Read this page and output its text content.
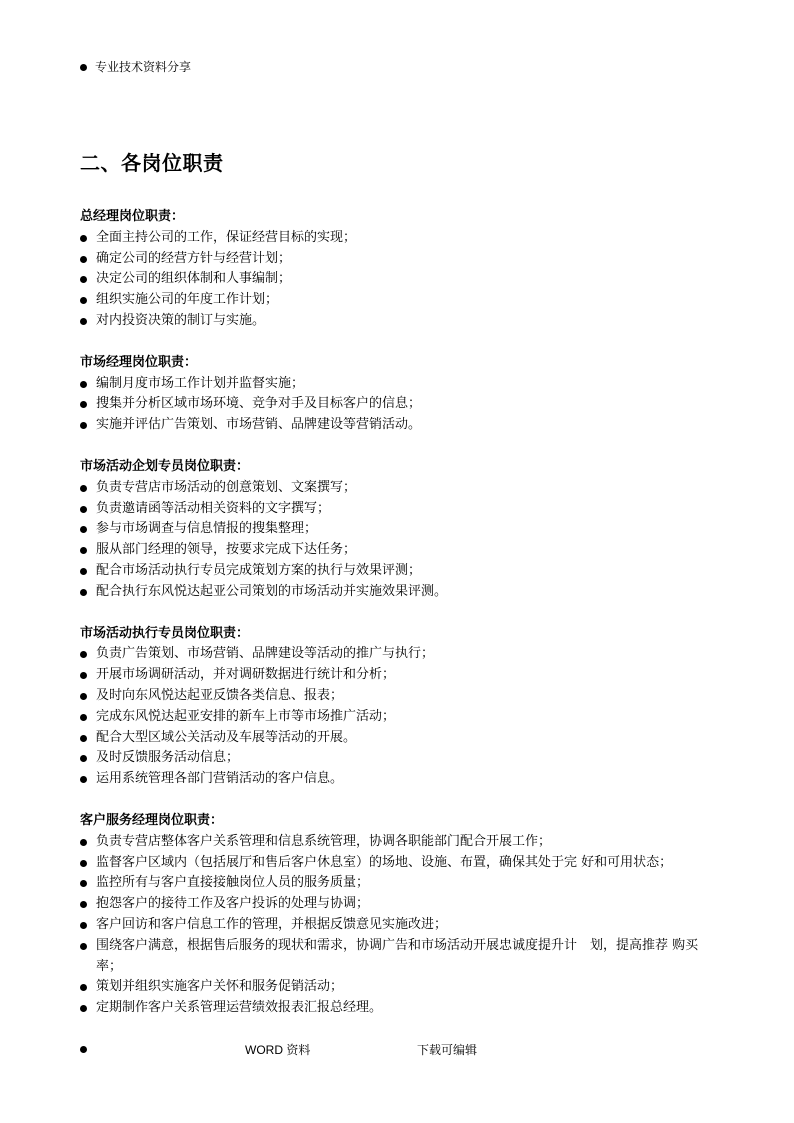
专业技术资料分享
二、各岗位职责
总经理岗位职责：
全面主持公司的工作，保证经营目标的实现；
确定公司的经营方针与经营计划；
决定公司的组织体制和人事编制；
组织实施公司的年度工作计划；
对内投资决策的制订与实施。
市场经理岗位职责：
编制月度市场工作计划并监督实施；
搜集并分析区域市场环境、竞争对手及目标客户的信息；
实施并评估广告策划、市场营销、品牌建设等营销活动。
市场活动企划专员岗位职责：
负责专营店市场活动的创意策划、文案撰写；
负责邀请函等活动相关资料的文字撰写；
参与市场调查与信息情报的搜集整理；
服从部门经理的领导，按要求完成下达任务；
配合市场活动执行专员完成策划方案的执行与效果评测；
配合执行东风悦达起亚公司策划的市场活动并实施效果评测。
市场活动执行专员岗位职责：
负责广告策划、市场营销、品牌建设等活动的推广与执行；
开展市场调研活动，并对调研数据进行统计和分析；
及时向东风悦达起亚反馈各类信息、报表；
完成东风悦达起亚安排的新车上市等市场推广活动；
配合大型区域公关活动及车展等活动的开展。
及时反馈服务活动信息；
运用系统管理各部门营销活动的客户信息。
客户服务经理岗位职责：
负责专营店整体客户关系管理和信息系统管理，协调各职能部门配合开展工作；
监督客户区域内（包括展厅和售后客户休息室）的场地、设施、布置，确保其处于完 好和可用状态；
监控所有与客户直接接触岗位人员的服务质量；
抱怨客户的接待工作及客户投诉的处理与协调；
客户回访和客户信息工作的管理，并根据反馈意见实施改进；
围绕客户满意，根据售后服务的现状和需求，协调广告和市场活动开展忠诚度提升计　划，提高推荐 购买率；
策划并组织实施客户关怀和服务促销活动；
定期制作客户关系管理运营绩效报表汇报总经理。
WORD 资料	下载可编辑
